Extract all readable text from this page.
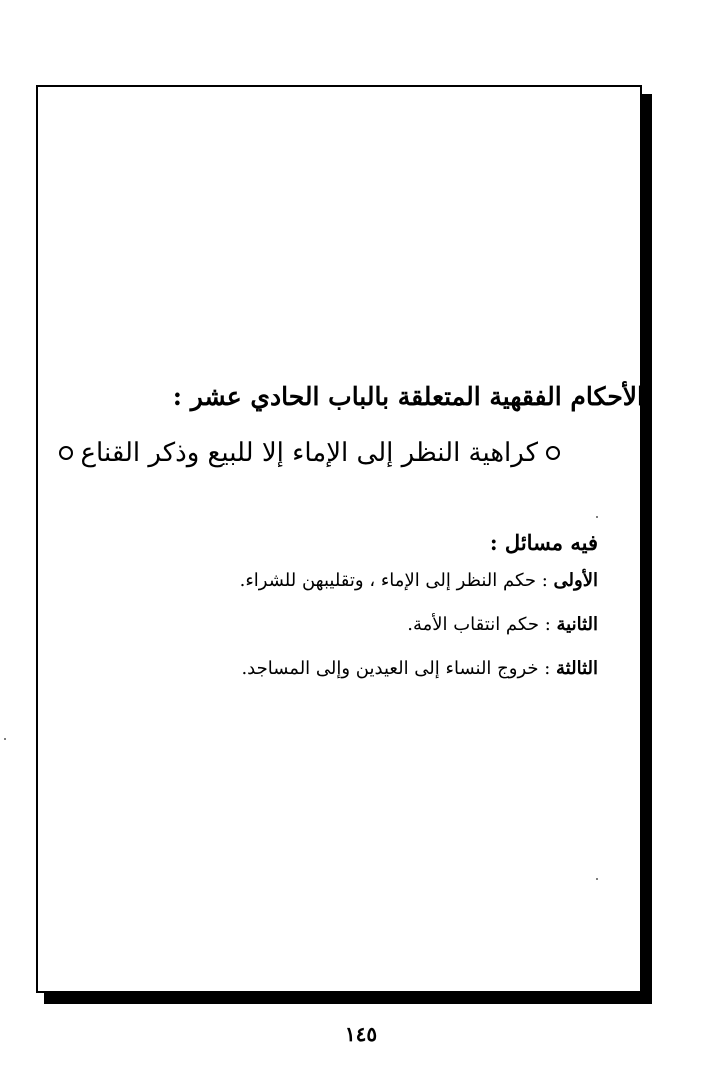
الأحكام الفقهية المتعلقة بالباب الحادي عشر :
كراهية النظر إلى الإماء إلا للبيع وذكر القناع
فيه مسائل :
الأولى : حكم النظر إلى الإماء ، وتقليبهن للشراء.
الثانية : حكم انتقاب الأمة.
الثالثة : خروج النساء إلى العيدين وإلى المساجد.
١٤٥
